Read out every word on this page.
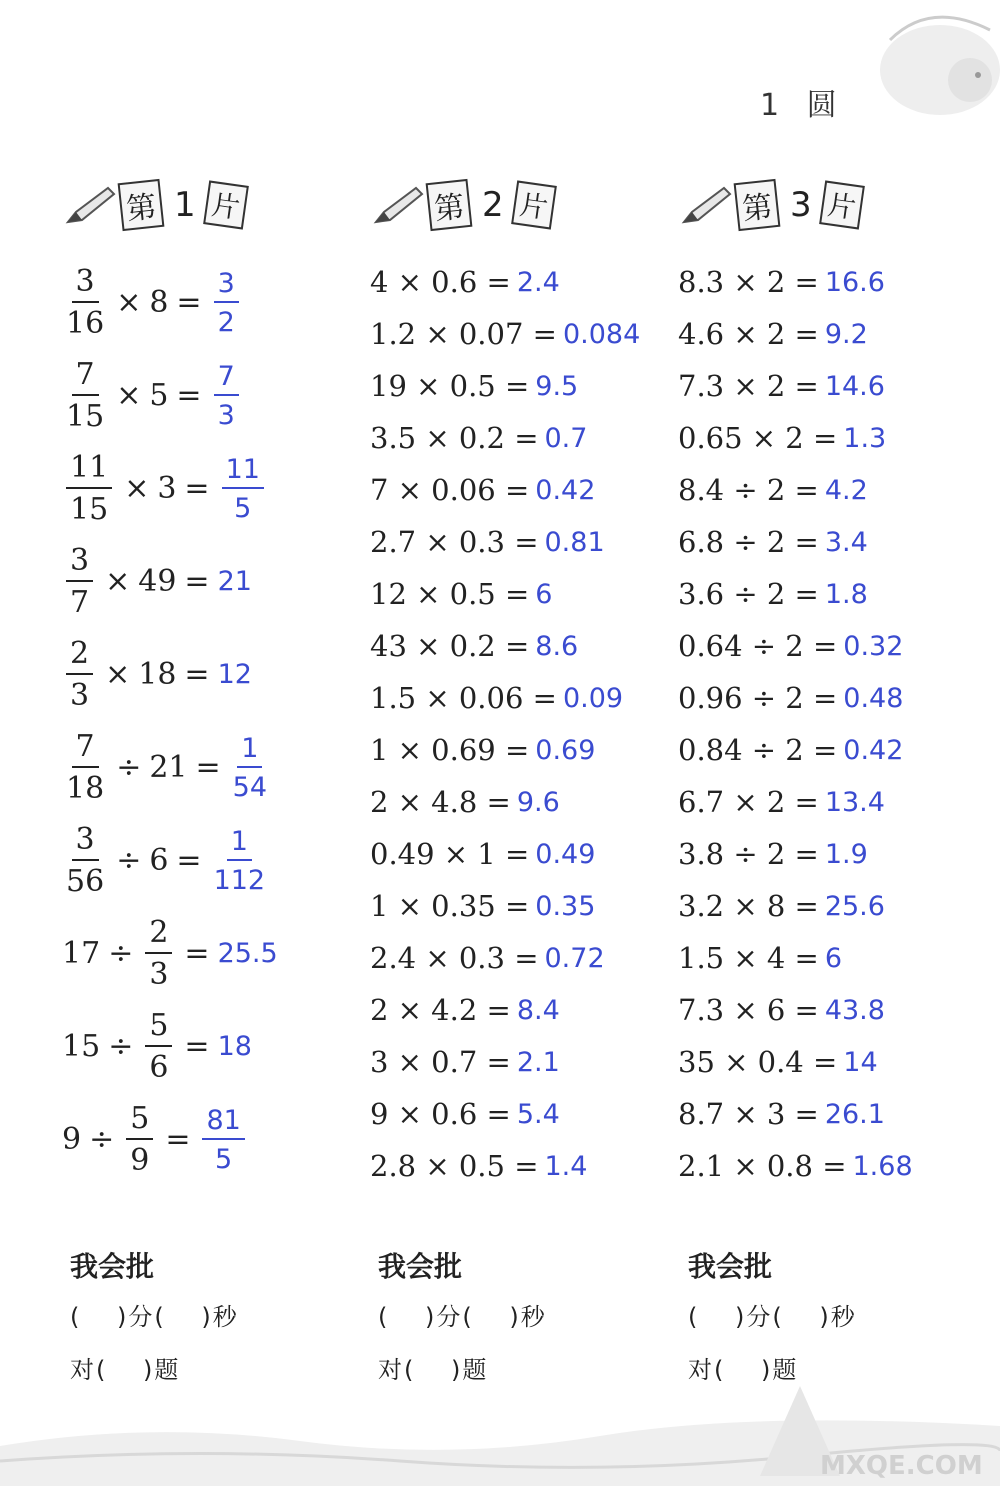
1 圆
第 1 片
$\frac{3}{16} \times 8 = \frac{3}{2}$
$\frac{7}{15} \times 5 = \frac{7}{3}$
$\frac{11}{15} \times 3 = \frac{11}{5}$
$\frac{3}{7} \times 49 = 21$
$\frac{2}{3} \times 18 = 12$
$\frac{7}{18} \div 21 = \frac{1}{54}$
$\frac{3}{56} \div 6 = \frac{1}{112}$
$17 \div \frac{2}{3} = 25.5$
$15 \div \frac{5}{6} = 18$
$9 \div \frac{5}{9} = \frac{81}{5}$
第 2 片
4 × 0.6 = 2.4
1.2 × 0.07 = 0.084
19 × 0.5 = 9.5
3.5 × 0.2 = 0.7
7 × 0.06 = 0.42
2.7 × 0.3 = 0.81
12 × 0.5 = 6
43 × 0.2 = 8.6
1.5 × 0.06 = 0.09
1 × 0.69 = 0.69
2 × 4.8 = 9.6
0.49 × 1 = 0.49
1 × 0.35 = 0.35
2.4 × 0.3 = 0.72
2 × 4.2 = 8.4
3 × 0.7 = 2.1
9 × 0.6 = 5.4
2.8 × 0.5 = 1.4
第 3 片
8.3 × 2 = 16.6
4.6 × 2 = 9.2
7.3 × 2 = 14.6
0.65 × 2 = 1.3
8.4 ÷ 2 = 4.2
6.8 ÷ 2 = 3.4
3.6 ÷ 2 = 1.8
0.64 ÷ 2 = 0.32
0.96 ÷ 2 = 0.48
0.84 ÷ 2 = 0.42
6.7 × 2 = 13.4
3.8 ÷ 2 = 1.9
3.2 × 8 = 25.6
1.5 × 4 = 6
7.3 × 6 = 43.8
35 × 0.4 = 14
8.7 × 3 = 26.1
2.1 × 0.8 = 1.68
我会批
(　 )分(　 )秒
对(　 )题
我会批
(　 )分(　 )秒
对(　 )题
我会批
(　 )分(　 )秒
对(　 )题
MXQE.COM
